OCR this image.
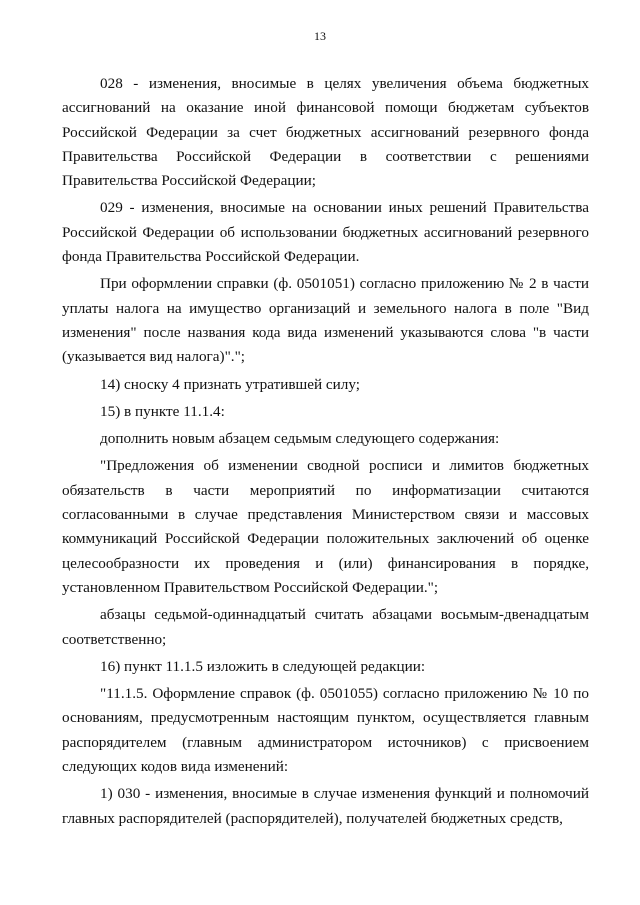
13

028 - изменения, вносимые в целях увеличения объема бюджетных ассигнований на оказание иной финансовой помощи бюджетам субъектов Российской Федерации за счет бюджетных ассигнований резервного фонда Правительства Российской Федерации в соответствии с решениями Правительства Российской Федерации;

029 - изменения, вносимые на основании иных решений Правительства Российской Федерации об использовании бюджетных ассигнований резервного фонда Правительства Российской Федерации.

При оформлении справки (ф. 0501051) согласно приложению № 2 в части уплаты налога на имущество организаций и земельного налога в поле "Вид изменения" после названия кода вида изменений указываются слова "в части (указывается вид налога)".";

14) сноску 4 признать утратившей силу;

15) в пункте 11.1.4:

дополнить новым абзацем седьмым следующего содержания:

"Предложения об изменении сводной росписи и лимитов бюджетных обязательств в части мероприятий по информатизации считаются согласованными в случае представления Министерством связи и массовых коммуникаций Российской Федерации положительных заключений об оценке целесообразности их проведения и (или) финансирования в порядке, установленном Правительством Российской Федерации.";

абзацы седьмой-одиннадцатый считать абзацами восьмым-двенадцатым соответственно;

16) пункт 11.1.5 изложить в следующей редакции:

"11.1.5. Оформление справок (ф. 0501055) согласно приложению № 10 по основаниям, предусмотренным настоящим пунктом, осуществляется главным распорядителем (главным администратором источников) с присвоением следующих кодов вида изменений:

1) 030 - изменения, вносимые в случае изменения функций и полномочий главных распорядителей (распорядителей), получателей бюджетных средств,
